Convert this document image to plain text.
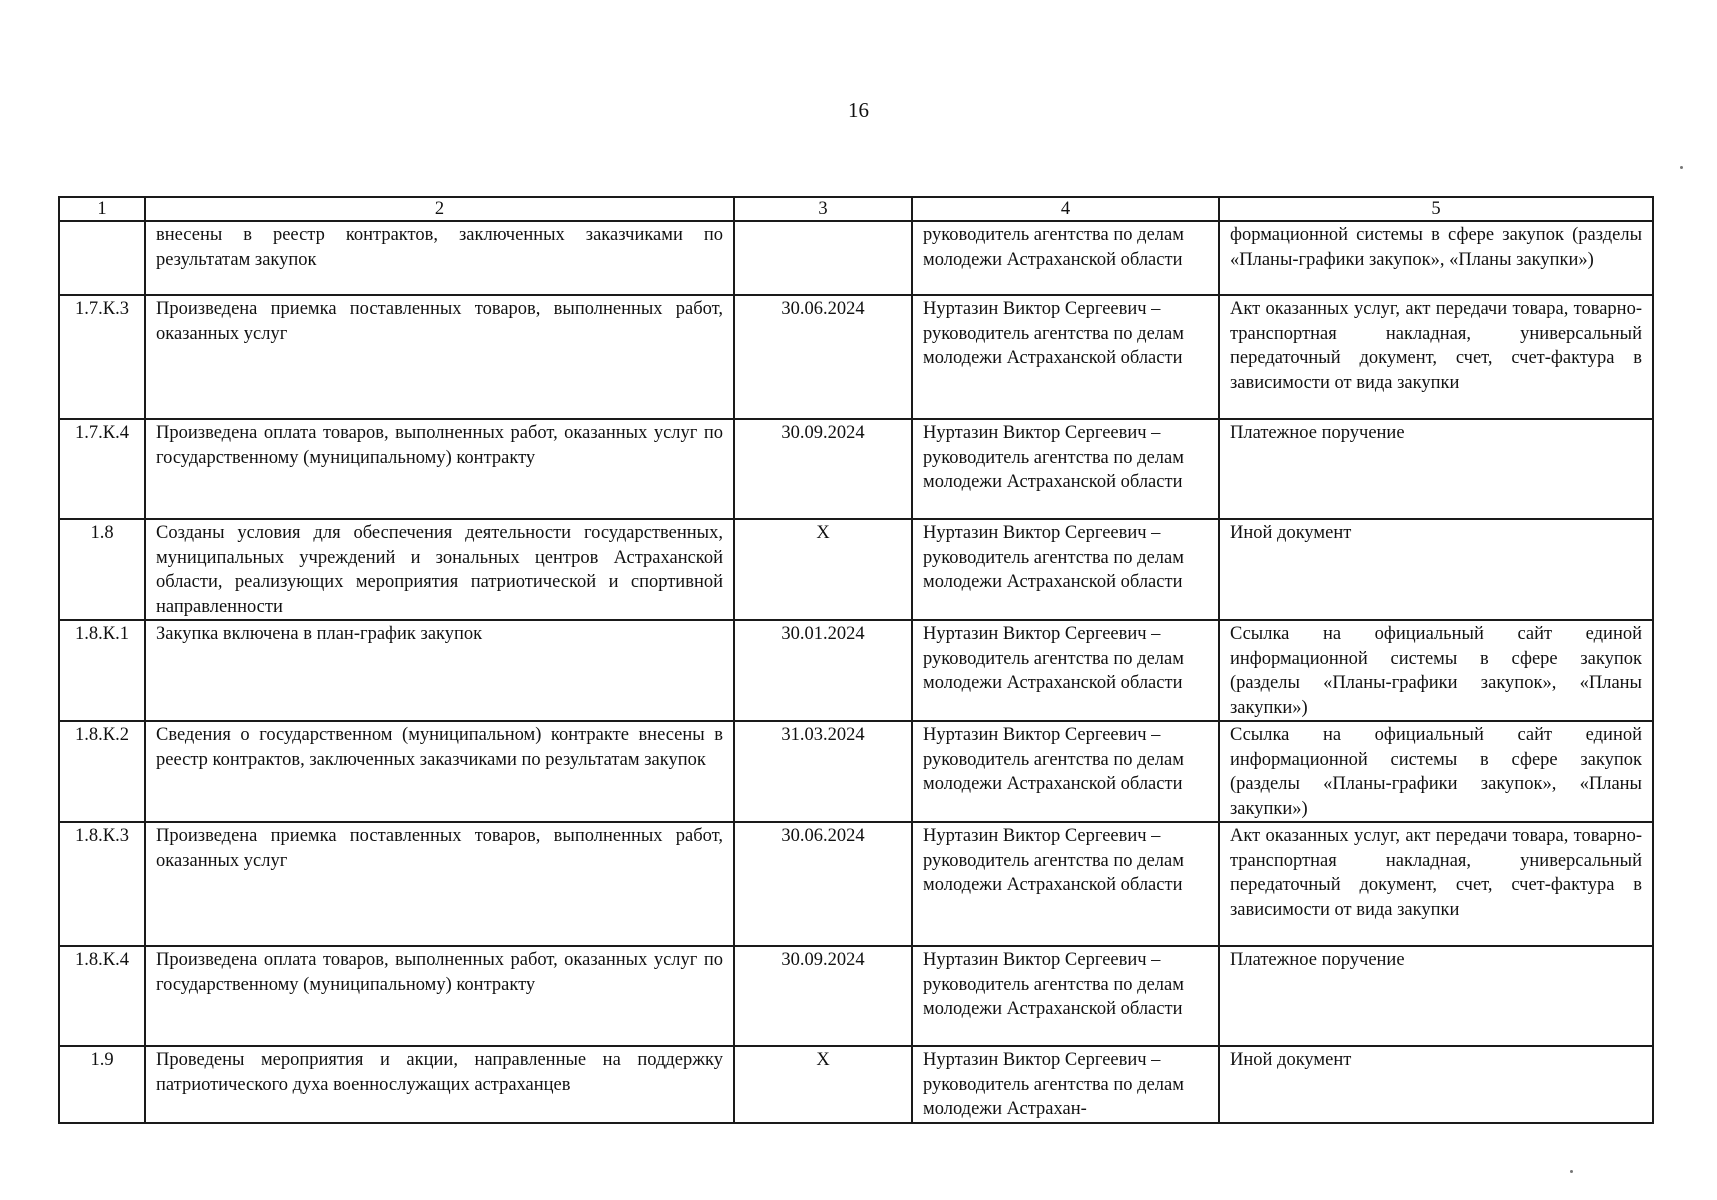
16
1	2	3	4	5
	внесены в реестр контрактов, заключенных заказчиками по результатам закупок		руководитель агентства по делам молодежи Астраханской области	формационной системы в сфере закупок (разделы «Планы-графики закупок», «Планы закупки»)
1.7.К.3	Произведена приемка поставленных товаров, выполненных работ, оказанных услуг	30.06.2024	Нуртазин Виктор Сергеевич – руководитель агентства по делам молодежи Астраханской области	Акт оказанных услуг, акт передачи товара, товарно-транспортная накладная, универсальный передаточный документ, счет, счет-фактура в зависимости от вида закупки
1.7.К.4	Произведена оплата товаров, выполненных работ, оказанных услуг по государственному (муниципальному) контракту	30.09.2024	Нуртазин Виктор Сергеевич – руководитель агентства по делам молодежи Астраханской области	Платежное поручение
1.8	Созданы условия для обеспечения деятельности государственных, муниципальных учреждений и зональных центров Астраханской области, реализующих мероприятия патриотической и спортивной направленности	Х	Нуртазин Виктор Сергеевич – руководитель агентства по делам молодежи Астраханской области	Иной документ
1.8.К.1	Закупка включена в план-график закупок	30.01.2024	Нуртазин Виктор Сергеевич – руководитель агентства по делам молодежи Астраханской области	Ссылка на официальный сайт единой информационной системы в сфере закупок (разделы «Планы-графики закупок», «Планы закупки»)
1.8.К.2	Сведения о государственном (муниципальном) контракте внесены в реестр контрактов, заключенных заказчиками по результатам закупок	31.03.2024	Нуртазин Виктор Сергеевич – руководитель агентства по делам молодежи Астраханской области	Ссылка на официальный сайт единой информационной системы в сфере закупок (разделы «Планы-графики закупок», «Планы закупки»)
1.8.К.3	Произведена приемка поставленных товаров, выполненных работ, оказанных услуг	30.06.2024	Нуртазин Виктор Сергеевич – руководитель агентства по делам молодежи Астраханской области	Акт оказанных услуг, акт передачи товара, товарно-транспортная накладная, универсальный передаточный документ, счет, счет-фактура в зависимости от вида закупки
1.8.К.4	Произведена оплата товаров, выполненных работ, оказанных услуг по государственному (муниципальному) контракту	30.09.2024	Нуртазин Виктор Сергеевич – руководитель агентства по делам молодежи Астраханской области	Платежное поручение
1.9	Проведены мероприятия и акции, направленные на поддержку патриотического духа военнослужащих астраханцев	Х	Нуртазин Виктор Сергеевич – руководитель агентства по делам молодежи Астрахан-	Иной документ
